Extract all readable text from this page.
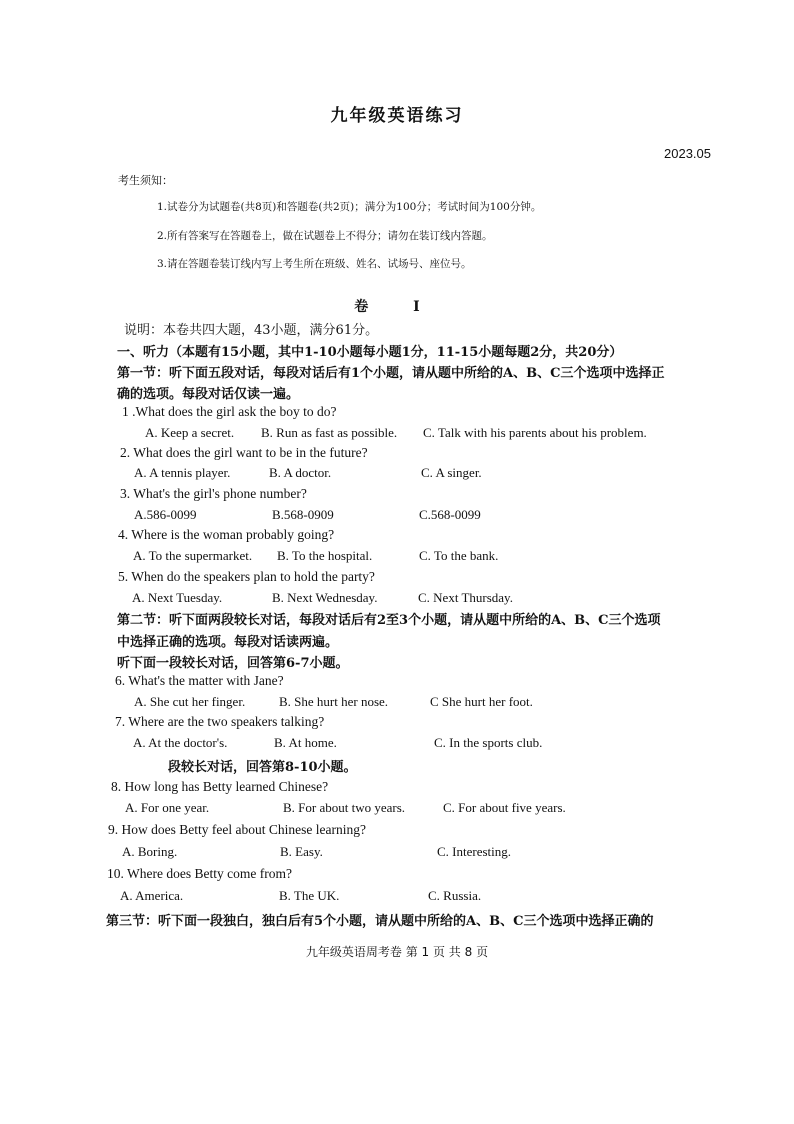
九年级英语练习
2023.05
考生须知：
1.试卷分为试题卷(共8页)和答题卷(共2页)；满分为100分；考试时间为100分钟。
2.所有答案写在答题卷上，做在试题卷上不得分；请勿在装订线内答题。
3.请在答题卷装订线内写上考生所在班级、姓名、试场号、座位号。
卷 I
说明：本卷共四大题，43小题，满分61分。
一、听力（本题有15小题，其中1-10小题每小题1分，11-15小题每题2分，共20分）
第一节：听下面五段对话，每段对话后有1个小题，请从题中所给的A、B、C三个选项中选择正
确的选项。每段对话仅读一遍。
1 .What does the girl ask the boy to do?
A. Keep a secret. B. Run as fast as possible. C. Talk with his parents about his problem.
2. What does the girl want to be in the future?
A. A tennis player.	B. A doctor.	C. A singer.
3. What's the girl's phone number?
A.586-0099	B.568-0909	C.568-0099
4. Where is the woman probably going?
A. To the supermarket. B. To the hospital.	C. To the bank.
5. When do the speakers plan to hold the party?
A. Next Tuesday.	B. Next Wednesday.	C. Next Thursday.
第二节：听下面两段较长对话，每段对话后有2至3个小题，请从题中所给的A、B、C三个选项
中选择正确的选项。每段对话读两遍。
听下面一段较长对话，回答第6-7小题。
6. What's the matter with Jane?
A. She cut her finger.	B. She hurt her nose.	C She hurt her foot.
7. Where are the two speakers talking?
A. At the doctor's.	B. At home.	C. In the sports club.
段较长对话，回答第8-10小题。
8. How long has Betty learned Chinese?
A. For one year.	B. For about two years.	C. For about five years.
9. How does Betty feel about Chinese learning?
A. Boring.	B. Easy.	C. Interesting.
10. Where does Betty come from?
A. America.	B. The UK.	C. Russia.
第三节：听下面一段独白，独白后有5个小题，请从题中所给的A、B、C三个选项中选择正确的
九年级英语周考卷 第 1 页 共 8 页
